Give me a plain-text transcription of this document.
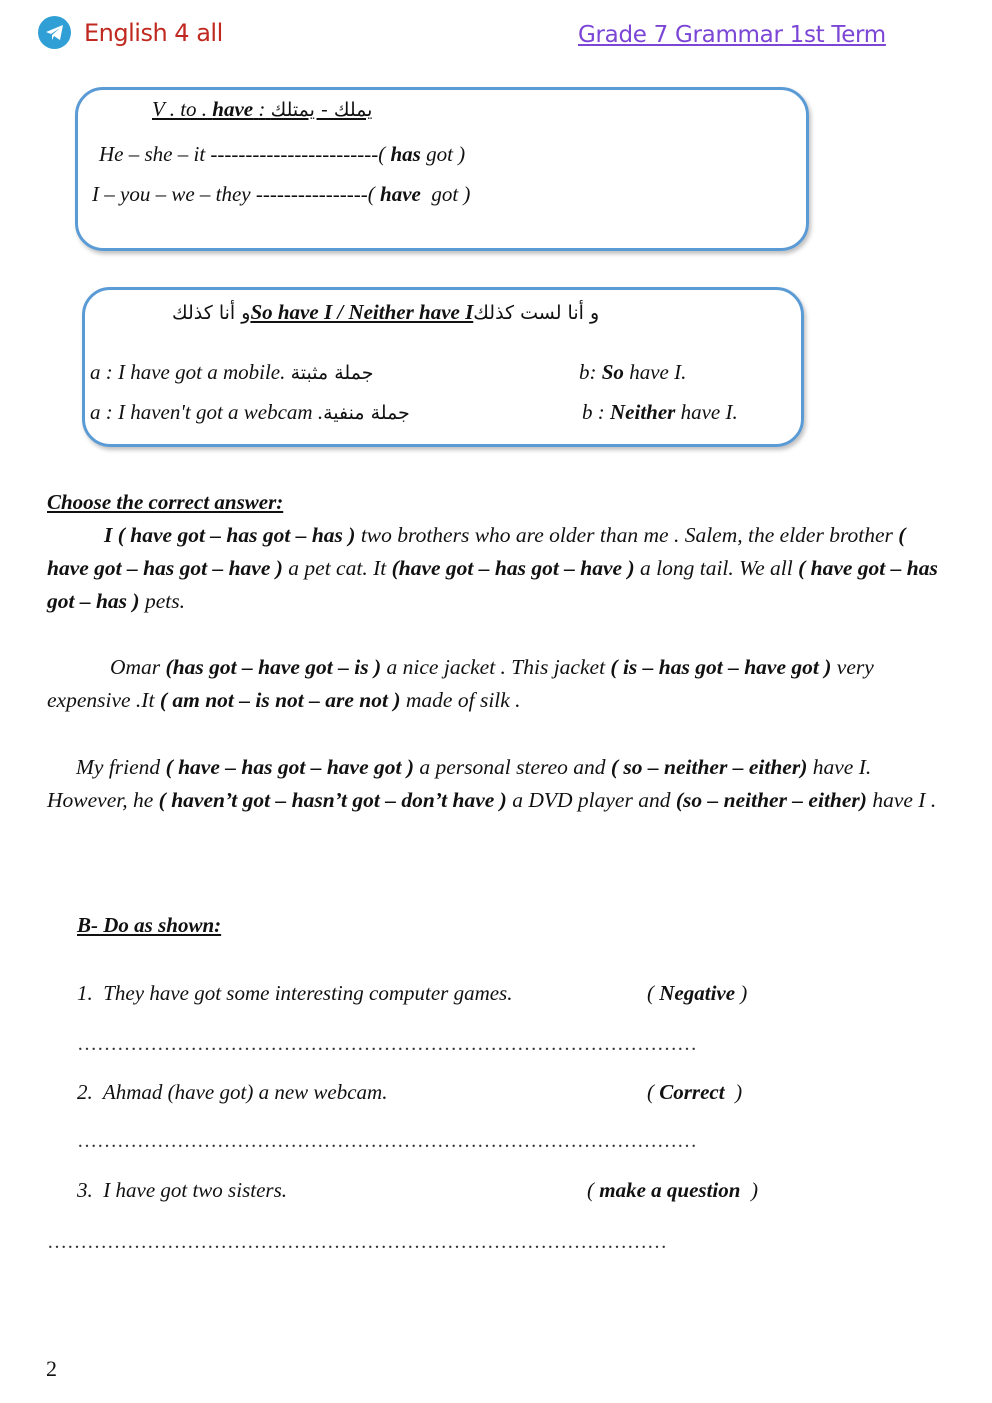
English 4 all	Grade 7 Grammar 1st Term
V . to . have : يملك - يمتلك
He – she – it ------------------------( has got )
I – you – we – they ----------------( have got )
و أنا كذلكSo have I / Neither have Iو أنا لست كذلك
a : I have got a mobile. جملة مثبتة	b: So have I.
a : I haven't got a webcam .جملة منفية	b : Neither have I.
Choose the correct answer:
I ( have got – has got – has ) two brothers who are older than me . Salem, the elder brother ( have got – has got – have ) a pet cat. It (have got – has got – have ) a long tail. We all ( have got – has got – has ) pets.
Omar (has got – have got – is ) a nice jacket . This jacket ( is – has got – have got ) very expensive .It ( am not – is not – are not ) made of silk .
My friend ( have – has got – have got ) a personal stereo and ( so – neither – either) have I. However, he ( haven’t got – hasn’t got – don’t have ) a DVD player and (so – neither – either) have I .
B- Do as shown:
1. They have got some interesting computer games.	( Negative )
…………………………………………………………………………………
2. Ahmad (have got) a new webcam.	( Correct )
…………………………………………………………………………………
3. I have got two sisters.	( make a question )
…………………………………………………………………………………
2
